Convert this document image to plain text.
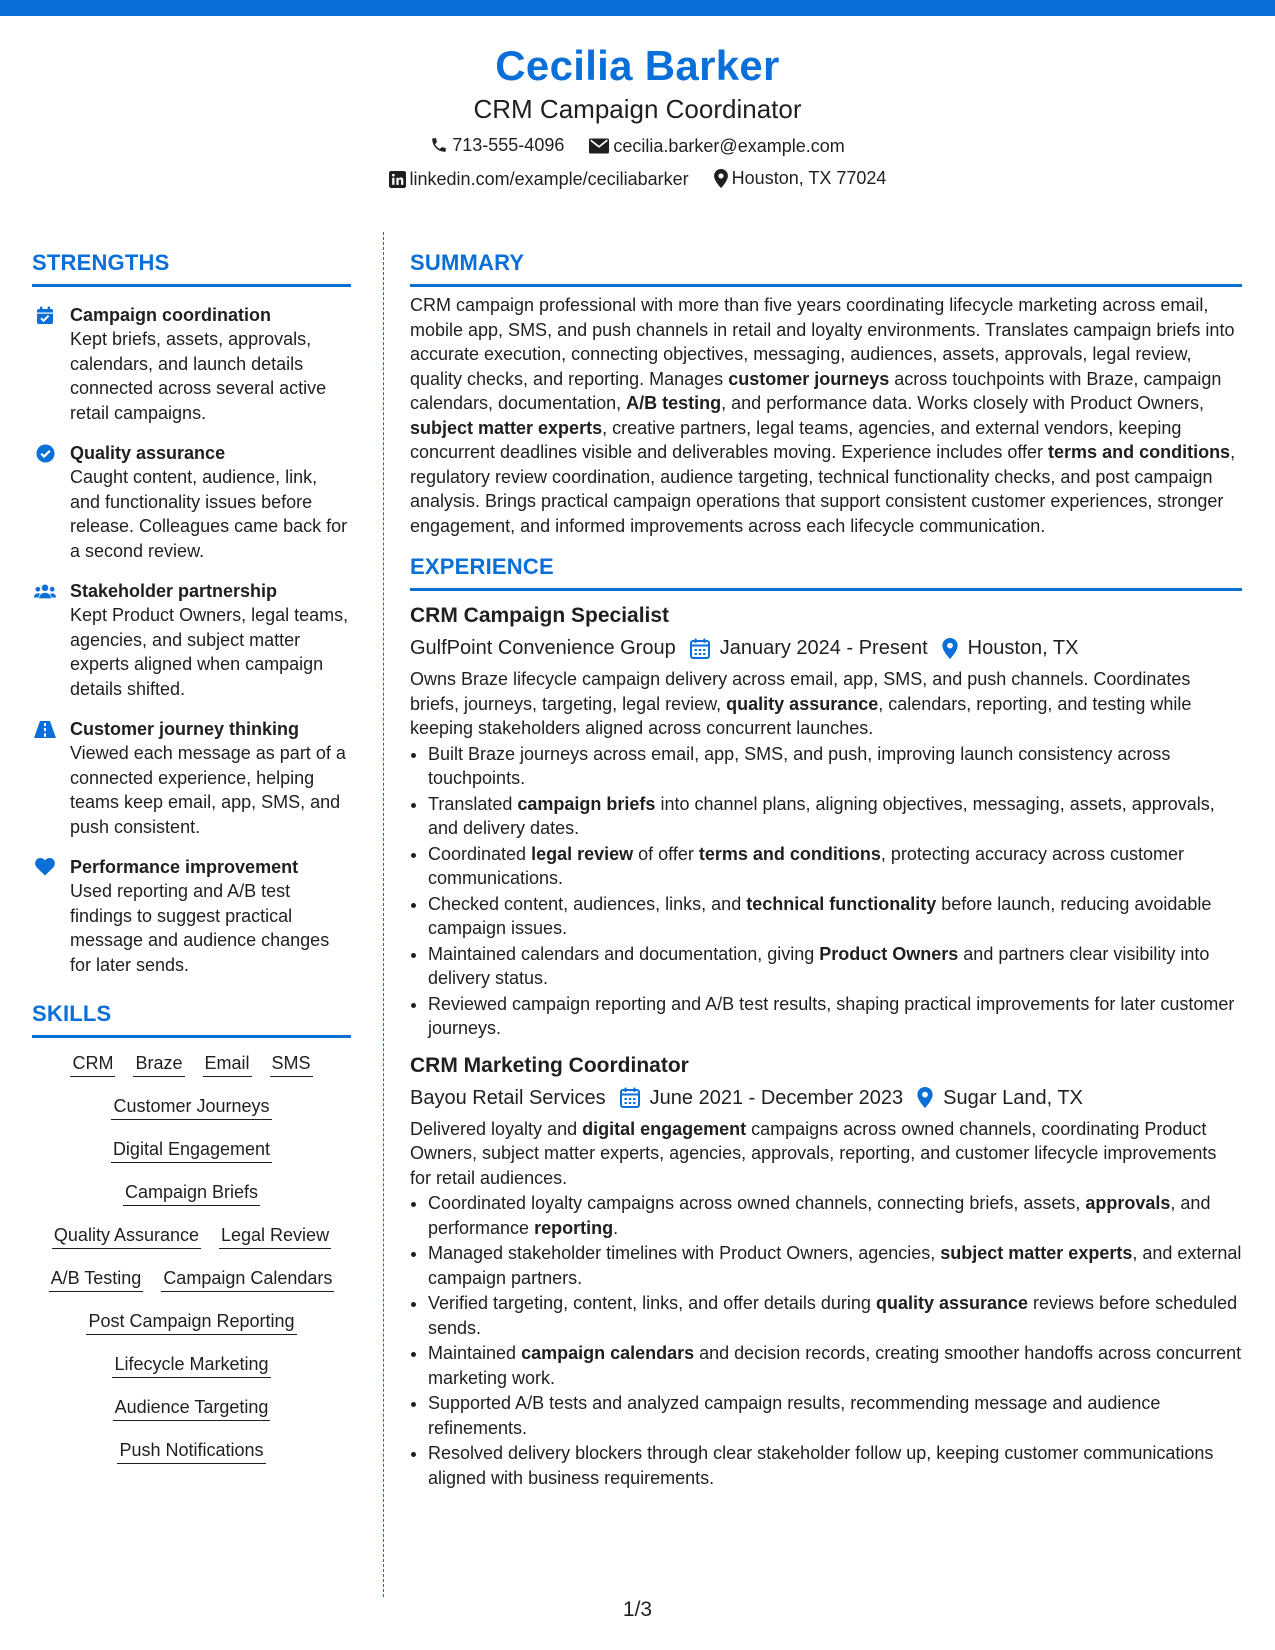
Cecilia Barker
CRM Campaign Coordinator
713-555-4096
	cecilia.barker@example.com
linkedin.com/example/ceciliabarker
Houston, TX 77024
STRENGTHS
Campaign coordination
Kept briefs, assets, approvals, calendars, and launch details connected across several active retail campaigns.
Quality assurance
Caught content, audience, link, and functionality issues before release. Colleagues came back for a second review.
Stakeholder partnership
Kept Product Owners, legal teams, agencies, and subject matter experts aligned when campaign details shifted.
Customer journey thinking
Viewed each message as part of a connected experience, helping teams keep email, app, SMS, and push consistent.
Performance improvement
Used reporting and A/B test findings to suggest practical message and audience changes for later sends.
SKILLS
CRM Braze Email SMS
Customer Journeys
Digital Engagement
Campaign Briefs
Quality Assurance Legal Review
A/B Testing Campaign Calendars
Post Campaign Reporting
Lifecycle Marketing
Audience Targeting
Push Notifications
SUMMARY
CRM campaign professional with more than five years coordinating lifecycle marketing across email, mobile app, SMS, and push channels in retail and loyalty environments. Translates campaign briefs into accurate execution, connecting objectives, messaging, audiences, assets, approvals, legal review, quality checks, and reporting. Manages customer journeys across touchpoints with Braze, campaign calendars, documentation, A/B testing, and performance data. Works closely with Product Owners, subject matter experts, creative partners, legal teams, agencies, and external vendors, keeping concurrent deadlines visible and deliverables moving. Experience includes offer terms and conditions, regulatory review coordination, audience targeting, technical functionality checks, and post campaign analysis. Brings practical campaign operations that support consistent customer experiences, stronger engagement, and informed improvements across each lifecycle communication.
EXPERIENCE
CRM Campaign Specialist
GulfPoint Convenience Group January 2024 - Present Houston, TX
Owns Braze lifecycle campaign delivery across email, app, SMS, and push channels. Coordinates briefs, journeys, targeting, legal review, quality assurance, calendars, reporting, and testing while keeping stakeholders aligned across concurrent launches.
• Built Braze journeys across email, app, SMS, and push, improving launch consistency across touchpoints.
• Translated campaign briefs into channel plans, aligning objectives, messaging, assets, approvals, and delivery dates.
• Coordinated legal review of offer terms and conditions, protecting accuracy across customer communications.
• Checked content, audiences, links, and technical functionality before launch, reducing avoidable campaign issues.
• Maintained calendars and documentation, giving Product Owners and partners clear visibility into delivery status.
• Reviewed campaign reporting and A/B test results, shaping practical improvements for later customer journeys.
CRM Marketing Coordinator
Bayou Retail Services June 2021 - December 2023 Sugar Land, TX
Delivered loyalty and digital engagement campaigns across owned channels, coordinating Product Owners, subject matter experts, agencies, approvals, reporting, and customer lifecycle improvements for retail audiences.
• Coordinated loyalty campaigns across owned channels, connecting briefs, assets, approvals, and performance reporting.
• Managed stakeholder timelines with Product Owners, agencies, subject matter experts, and external campaign partners.
• Verified targeting, content, links, and offer details during quality assurance reviews before scheduled sends.
• Maintained campaign calendars and decision records, creating smoother handoffs across concurrent marketing work.
• Supported A/B tests and analyzed campaign results, recommending message and audience refinements.
• Resolved delivery blockers through clear stakeholder follow up, keeping customer communications aligned with business requirements.
1/3
